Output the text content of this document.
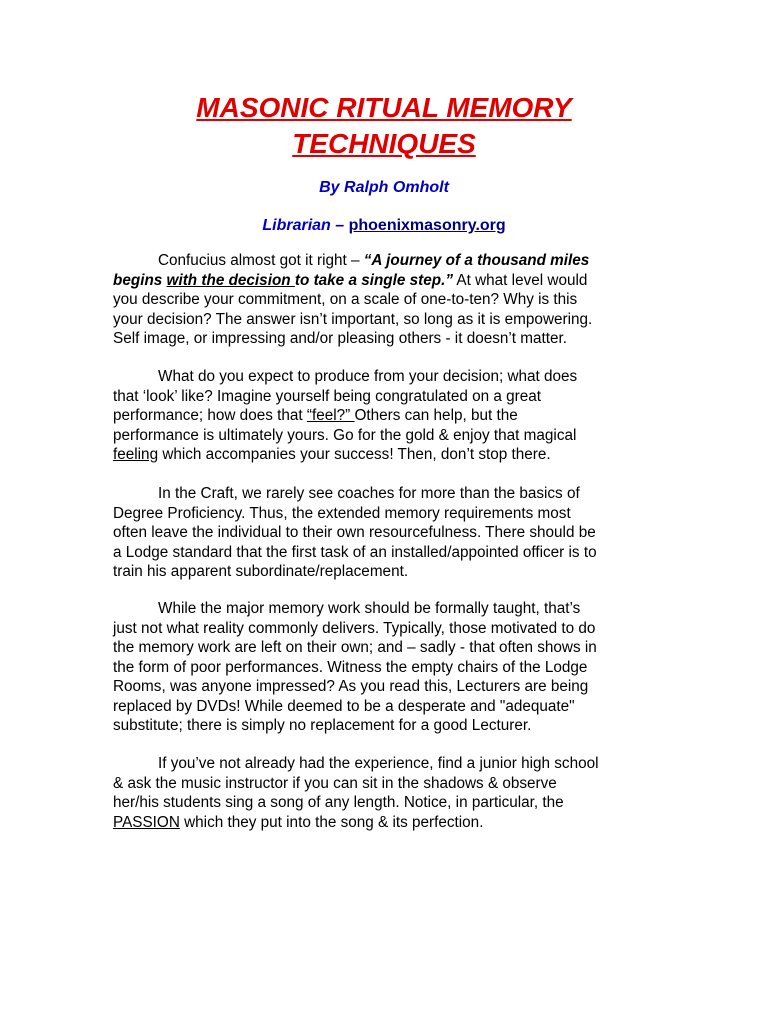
MASONIC RITUAL MEMORY
TECHNIQUES
By Ralph Omholt
Librarian – phoenixmasonry.org
Confucius almost got it right – “A journey of a thousand miles
begins with the decision to take a single step.” At what level would
you describe your commitment, on a scale of one-to-ten? Why is this
your decision? The answer isn’t important, so long as it is empowering.
Self image, or impressing and/or pleasing others - it doesn’t matter.
What do you expect to produce from your decision; what does
that ‘look’ like? Imagine yourself being congratulated on a great
performance; how does that “feel?” Others can help, but the
performance is ultimately yours. Go for the gold & enjoy that magical
feeling which accompanies your success! Then, don’t stop there.
In the Craft, we rarely see coaches for more than the basics of
Degree Proficiency. Thus, the extended memory requirements most
often leave the individual to their own resourcefulness. There should be
a Lodge standard that the first task of an installed/appointed officer is to
train his apparent subordinate/replacement.
While the major memory work should be formally taught, that’s
just not what reality commonly delivers. Typically, those motivated to do
the memory work are left on their own; and – sadly - that often shows in
the form of poor performances. Witness the empty chairs of the Lodge
Rooms, was anyone impressed? As you read this, Lecturers are being
replaced by DVDs! While deemed to be a desperate and "adequate"
substitute; there is simply no replacement for a good Lecturer.
If you’ve not already had the experience, find a junior high school
& ask the music instructor if you can sit in the shadows & observe
her/his students sing a song of any length. Notice, in particular, the
PASSION which they put into the song & its perfection.
